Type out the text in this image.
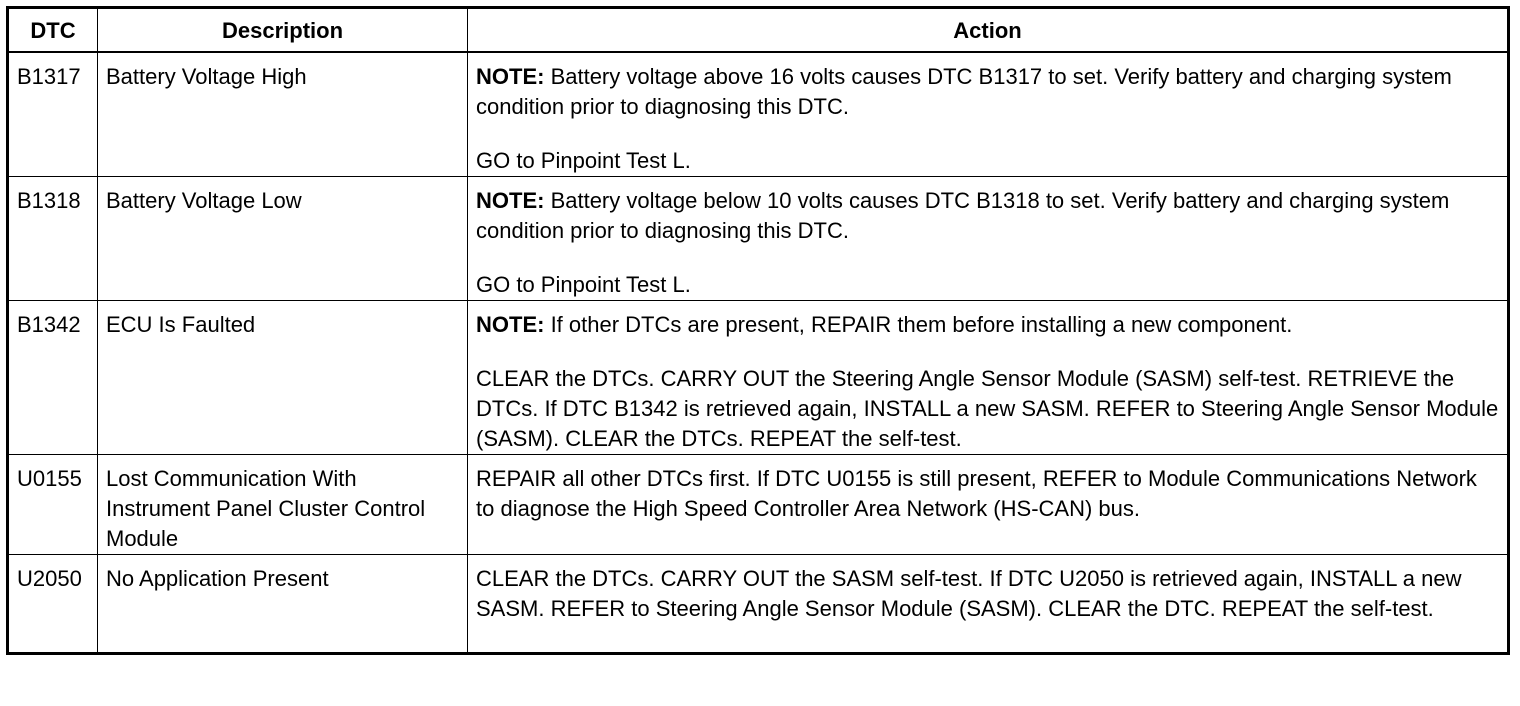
DTC	Description	Action
B1317	Battery Voltage High	NOTE: Battery voltage above 16 volts causes DTC B1317 to set. Verify battery and charging system condition prior to diagnosing this DTC.

GO to Pinpoint Test L.

B1318	Battery Voltage Low	NOTE: Battery voltage below 10 volts causes DTC B1318 to set. Verify battery and charging system condition prior to diagnosing this DTC.

GO to Pinpoint Test L.

B1342	ECU Is Faulted	NOTE: If other DTCs are present, REPAIR them before installing a new component.

CLEAR the DTCs. CARRY OUT the Steering Angle Sensor Module (SASM) self-test. RETRIEVE the DTCs. If DTC B1342 is retrieved again, INSTALL a new SASM. REFER to Steering Angle Sensor Module (SASM). CLEAR the DTCs. REPEAT the self-test.

U0155	Lost Communication With Instrument Panel Cluster Control Module	REPAIR all other DTCs first. If DTC U0155 is still present, REFER to Module Communications Network to diagnose the High Speed Controller Area Network (HS-CAN) bus.

U2050	No Application Present	CLEAR the DTCs. CARRY OUT the SASM self-test. If DTC U2050 is retrieved again, INSTALL a new SASM. REFER to Steering Angle Sensor Module (SASM). CLEAR the DTC. REPEAT the self-test.
